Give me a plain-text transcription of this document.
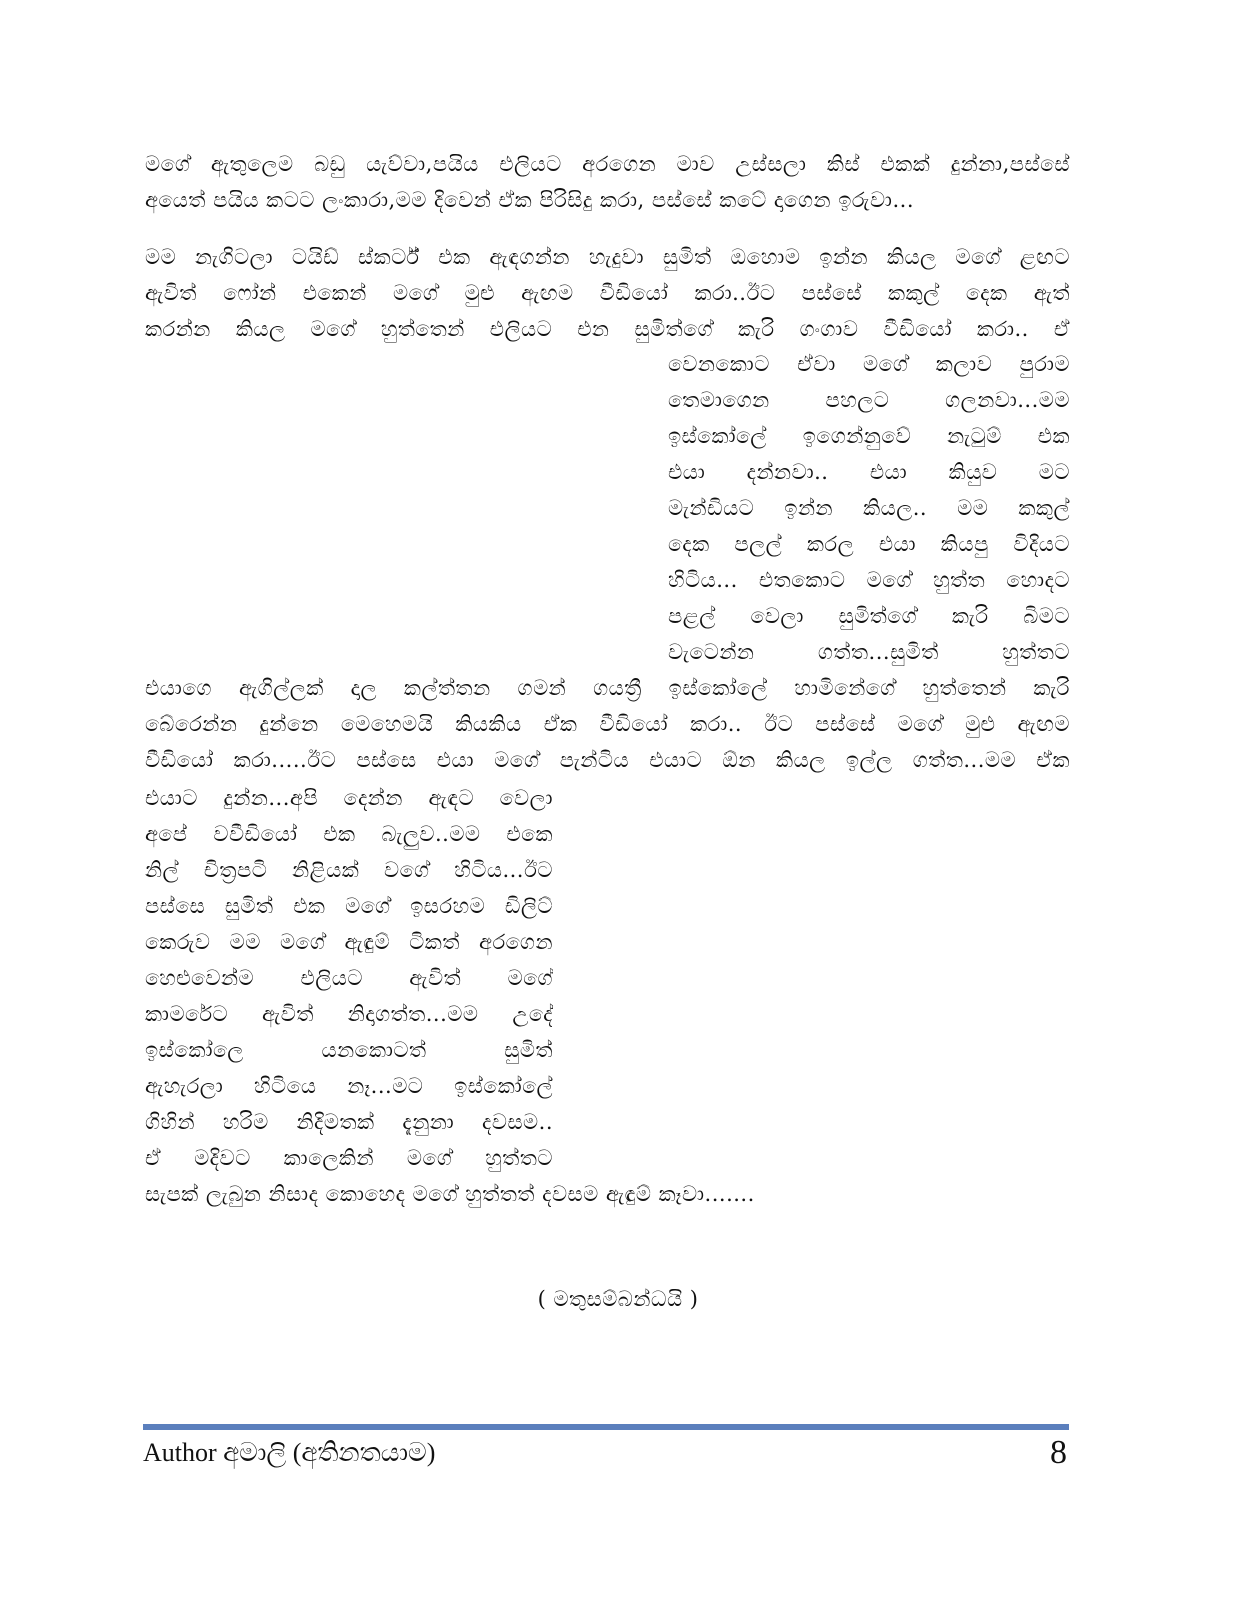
මගේ ඇතුලෙම බඩු යැව්වා,පයිය එලියට අරගෙන මාව උස්සලා කිස් එකක් දුන්නා,පස්සේ
අයෙත් පයිය කටට ලංකාරා,මම දිවෙන් ඒක පිරිසිදු කරා, පස්සේ කටේ දාගෙන ඉරුවා...
මම නැගිටලා ටයිඩ් ස්කර්ට් එක ඇඳගන්න හැදුවා සුමිත් ඔහොම ඉන්න කියල මගේ ළඟට
ඇවිත් ෆෝන් එකෙන් මගේ මුළු ඇඟම වීඩියෝ කරා..ඊට පස්සේ කකුල් දෙක ඇත්
කරන්න කියල මගේ හුත්තෙන් එලියට එන සුමිත්ගේ කැරි ගංගාව වීඩියෝ කරා.. ඒ
වෙනකොට ඒවා මගේ කලාව පුරාම
තෙමාගෙන පහලට ගලනවා...මම
ඉස්කෝලේ ඉගෙන්නුවේ නැටුම් එක
එයා දන්නවා.. එයා කියුව මට
මැන්ඩියට ඉන්න කියල.. මම කකුල්
දෙක පලල් කරල එයා කියපු විදියට
හිටිය... එතකොට මගේ හුත්ත හොදට
පළල් වෙලා සුමිත්ගේ කැරි බිමට
වැටෙන්න ගත්ත...සුමිත් හුත්තට
එයාගෙ ඇගිල්ලක් දාල කල්ත්තන ගමන් ගයත්‍රී ඉස්කෝලේ හාමිනේගේ හුත්තෙන් කැරි
බේරෙන්න දුන්නෙ මෙහෙමයි කියකිය ඒක වීඩියෝ කරා.. ඊට පස්සේ මගේ මුළු ඇඟම
වීඩියෝ කරා.....ඊට පස්සෙ එයා මගේ පැන්ටිය එයාට ඕන කියල ඉල්ල ගත්ත...මම ඒක
එයාට දුන්න...අපි දෙන්න ඇඳට වෙලා
අපේ වවීඩියෝ එක බැලුව..මම එකෙ
නිල් චිත්‍රපටි නිළියක් වගේ හිටිය...ඊට
පස්සෙ සුමිත් එක මගේ ඉසරහම ඩිලිට්
කෙරුව මම මගේ ඇඳුම් ටිකත් අරගෙන
හෙළුවෙන්ම එලියට ඇවිත් මගේ
කාමරේට ඇවිත් නිදාගත්ත...මම උදේ
ඉස්කෝලෙ යනකොටත් සුමිත්
ඇහැරලා හිටියෙ නෑ...මට ඉස්කෝලේ
ගිහින් හරිම නිදිමතක් දැනුනා දවසම..
ඒ මදිවට කාලෙකින් මගේ හුත්තට
සැපක් ලැබුන නිසාද කොහෙද මගේ හුත්තත් දවසම ඇඳුම් කෑවා.......
( මතුසම්බන්ධයි )
Author අමාලි (අතිනතයාම)	8
